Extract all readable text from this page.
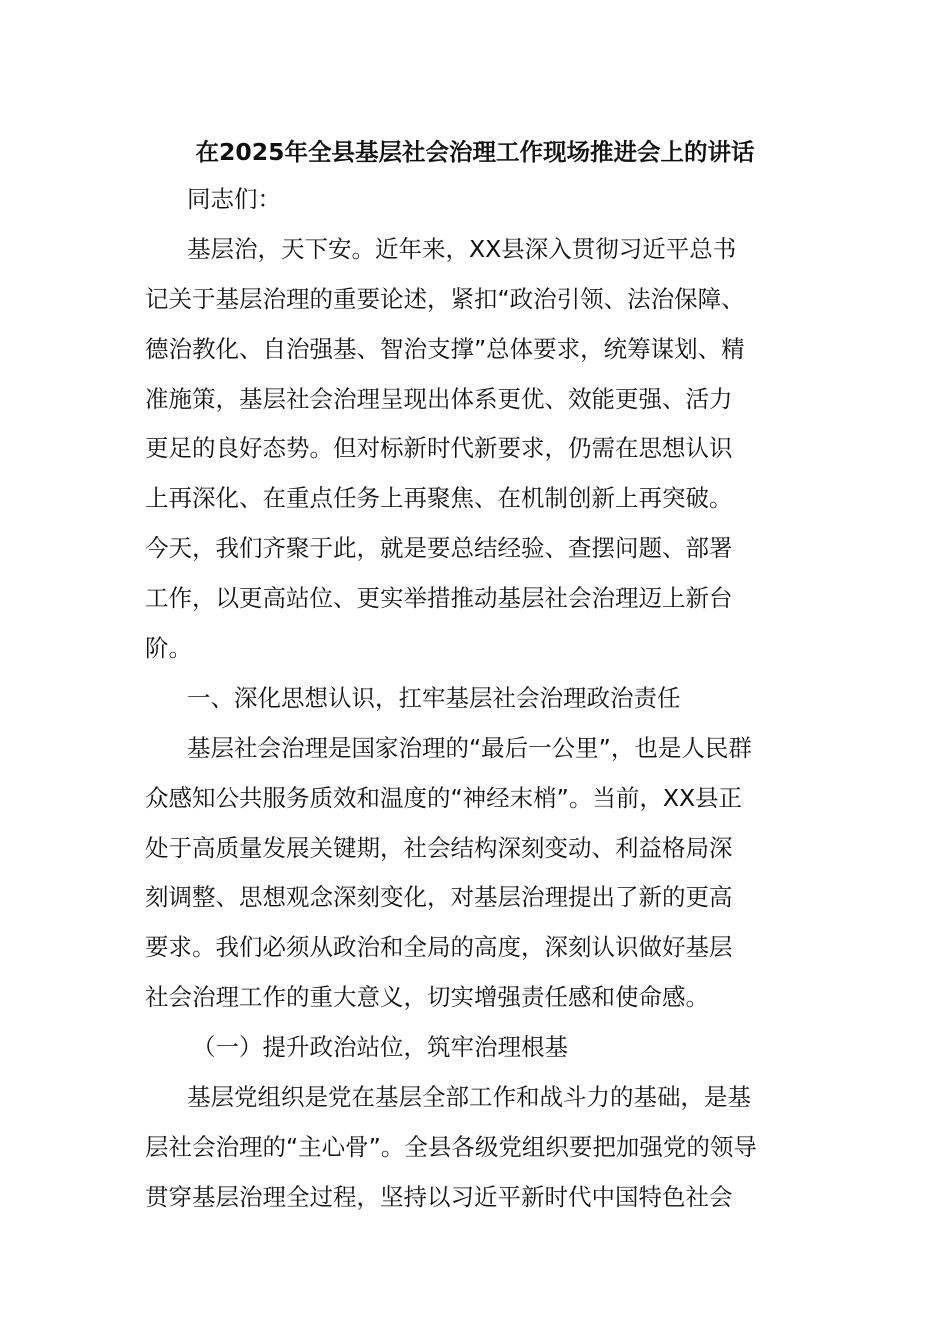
在2025年全县基层社会治理工作现场推进会上的讲话
同志们：
基层治，天下安。近年来，XX县深入贯彻习近平总书
记关于基层治理的重要论述，紧扣“政治引领、法治保障、
德治教化、自治强基、智治支撑”总体要求，统筹谋划、精
准施策，基层社会治理呈现出体系更优、效能更强、活力
更足的良好态势。但对标新时代新要求，仍需在思想认识
上再深化、在重点任务上再聚焦、在机制创新上再突破。
今天，我们齐聚于此，就是要总结经验、查摆问题、部署
工作，以更高站位、更实举措推动基层社会治理迈上新台
阶。
一、深化思想认识，扛牢基层社会治理政治责任
基层社会治理是国家治理的“最后一公里”，也是人民群
众感知公共服务质效和温度的“神经末梢”。当前，XX县正
处于高质量发展关键期，社会结构深刻变动、利益格局深
刻调整、思想观念深刻变化，对基层治理提出了新的更高
要求。我们必须从政治和全局的高度，深刻认识做好基层
社会治理工作的重大意义，切实增强责任感和使命感。
（一）提升政治站位，筑牢治理根基
基层党组织是党在基层全部工作和战斗力的基础，是基
层社会治理的“主心骨”。全县各级党组织要把加强党的领导
贯穿基层治理全过程，坚持以习近平新时代中国特色社会
